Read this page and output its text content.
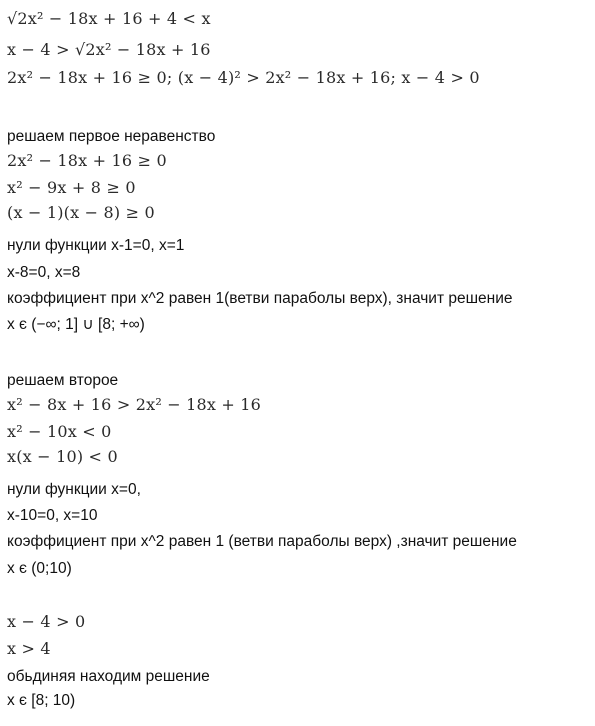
√2x² − 18x + 16 + 4 < x
x − 4 > √2x² − 18x + 16
2x² − 18x + 16 ≥ 0; (x − 4)² > 2x² − 18x + 16; x − 4 > 0
решаем первое неравенство
2x² − 18x + 16 ≥ 0
x² − 9x + 8 ≥ 0
(x − 1)(x − 8) ≥ 0
нули функции x-1=0, x=1
x-8=0, x=8
коэффициент при x^2 равен 1(ветви параболы верх), значит решение
x є (−∞; 1] ∪ [8; +∞)
решаем второе
x² − 8x + 16 > 2x² − 18x + 16
x² − 10x < 0
x(x − 10) < 0
нули функции x=0,
x-10=0, x=10
коэффициент при x^2 равен 1 (ветви параболы верх) ,значит решение
x є (0;10)
x − 4 > 0
x > 4
обьдиняя находим решение
x є [8; 10)
